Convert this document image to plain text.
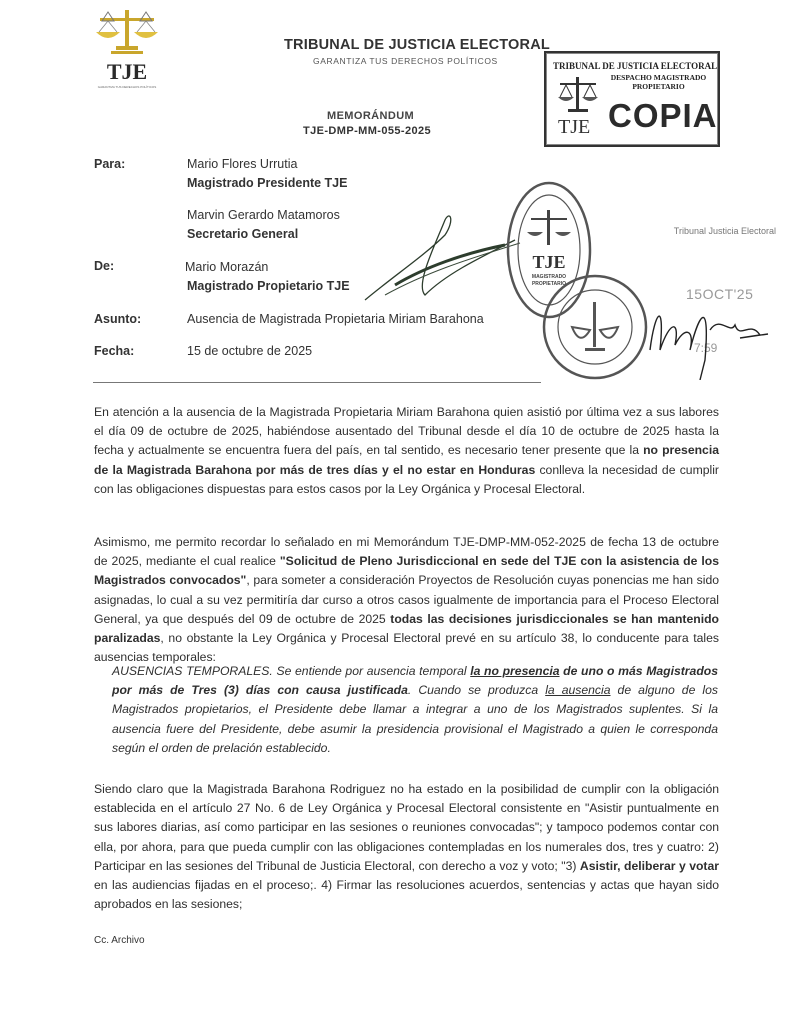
TJE
GARANTIZA TUS DERECHOS POLÍTICOS
TRIBUNAL DE JUSTICIA ELECTORAL
GARANTIZA TUS DERECHOS POLÍTICOS
MEMORÁNDUM
TJE-DMP-MM-055-2025
TRIBUNAL DE JUSTICIA ELECTORAL
DESPACHO MAGISTRADO
PROPIETARIO
TJE COPIA
Para:	Mario Flores Urrutia
Magistrado Presidente TJE
Marvin Gerardo Matamoros
Secretario General
De:	Mario Morazán
Magistrado Propietario TJE
Asunto:	Ausencia de Magistrada Propietaria Miriam Barahona
Fecha:	15 de octubre de 2025
TJE
MAGISTRADO
PROPIETARIO
Tribunal Justicia Electoral
15OCT'25
7:59
En atención a la ausencia de la Magistrada Propietaria Miriam Barahona quien asistió por última vez a sus labores el día 09 de octubre de 2025, habiéndose ausentado del Tribunal desde el día 10 de octubre de 2025 hasta la fecha y actualmente se encuentra fuera del país, en tal sentido, es necesario tener presente que la no presencia de la Magistrada Barahona por más de tres días y el no estar en Honduras conlleva la necesidad de cumplir con las obligaciones dispuestas para estos casos por la Ley Orgánica y Procesal Electoral.
Asimismo, me permito recordar lo señalado en mi Memorándum TJE-DMP-MM-052-2025 de fecha 13 de octubre de 2025, mediante el cual realice "Solicitud de Pleno Jurisdiccional en sede del TJE con la asistencia de los Magistrados convocados", para someter a consideración Proyectos de Resolución cuyas ponencias me han sido asignadas, lo cual a su vez permitiría dar curso a otros casos igualmente de importancia para el Proceso Electoral General, ya que después del 09 de octubre de 2025 todas las decisiones jurisdiccionales se han mantenido paralizadas, no obstante la Ley Orgánica y Procesal Electoral prevé en su artículo 38, lo conducente para tales ausencias temporales:
AUSENCIAS TEMPORALES. Se entiende por ausencia temporal la no presencia de uno o más Magistrados por más de Tres (3) días con causa justificada. Cuando se produzca la ausencia de alguno de los Magistrados propietarios, el Presidente debe llamar a integrar a uno de los Magistrados suplentes. Si la ausencia fuere del Presidente, debe asumir la presidencia provisional el Magistrado a quien le corresponda según el orden de prelación establecido.
Siendo claro que la Magistrada Barahona Rodriguez no ha estado en la posibilidad de cumplir con la obligación establecida en el artículo 27 No. 6 de Ley Orgánica y Procesal Electoral consistente en "Asistir puntualmente en sus labores diarias, así como participar en las sesiones o reuniones convocadas"; y tampoco podemos contar con ella, por ahora, para que pueda cumplir con las obligaciones contempladas en los numerales dos, tres y cuatro: 2) Participar en las sesiones del Tribunal de Justicia Electoral, con derecho a voz y voto; "3) Asistir, deliberar y votar en las audiencias fijadas en el proceso;. 4) Firmar las resoluciones acuerdos, sentencias y actas que hayan sido aprobados en las sesiones;
Cc. Archivo
